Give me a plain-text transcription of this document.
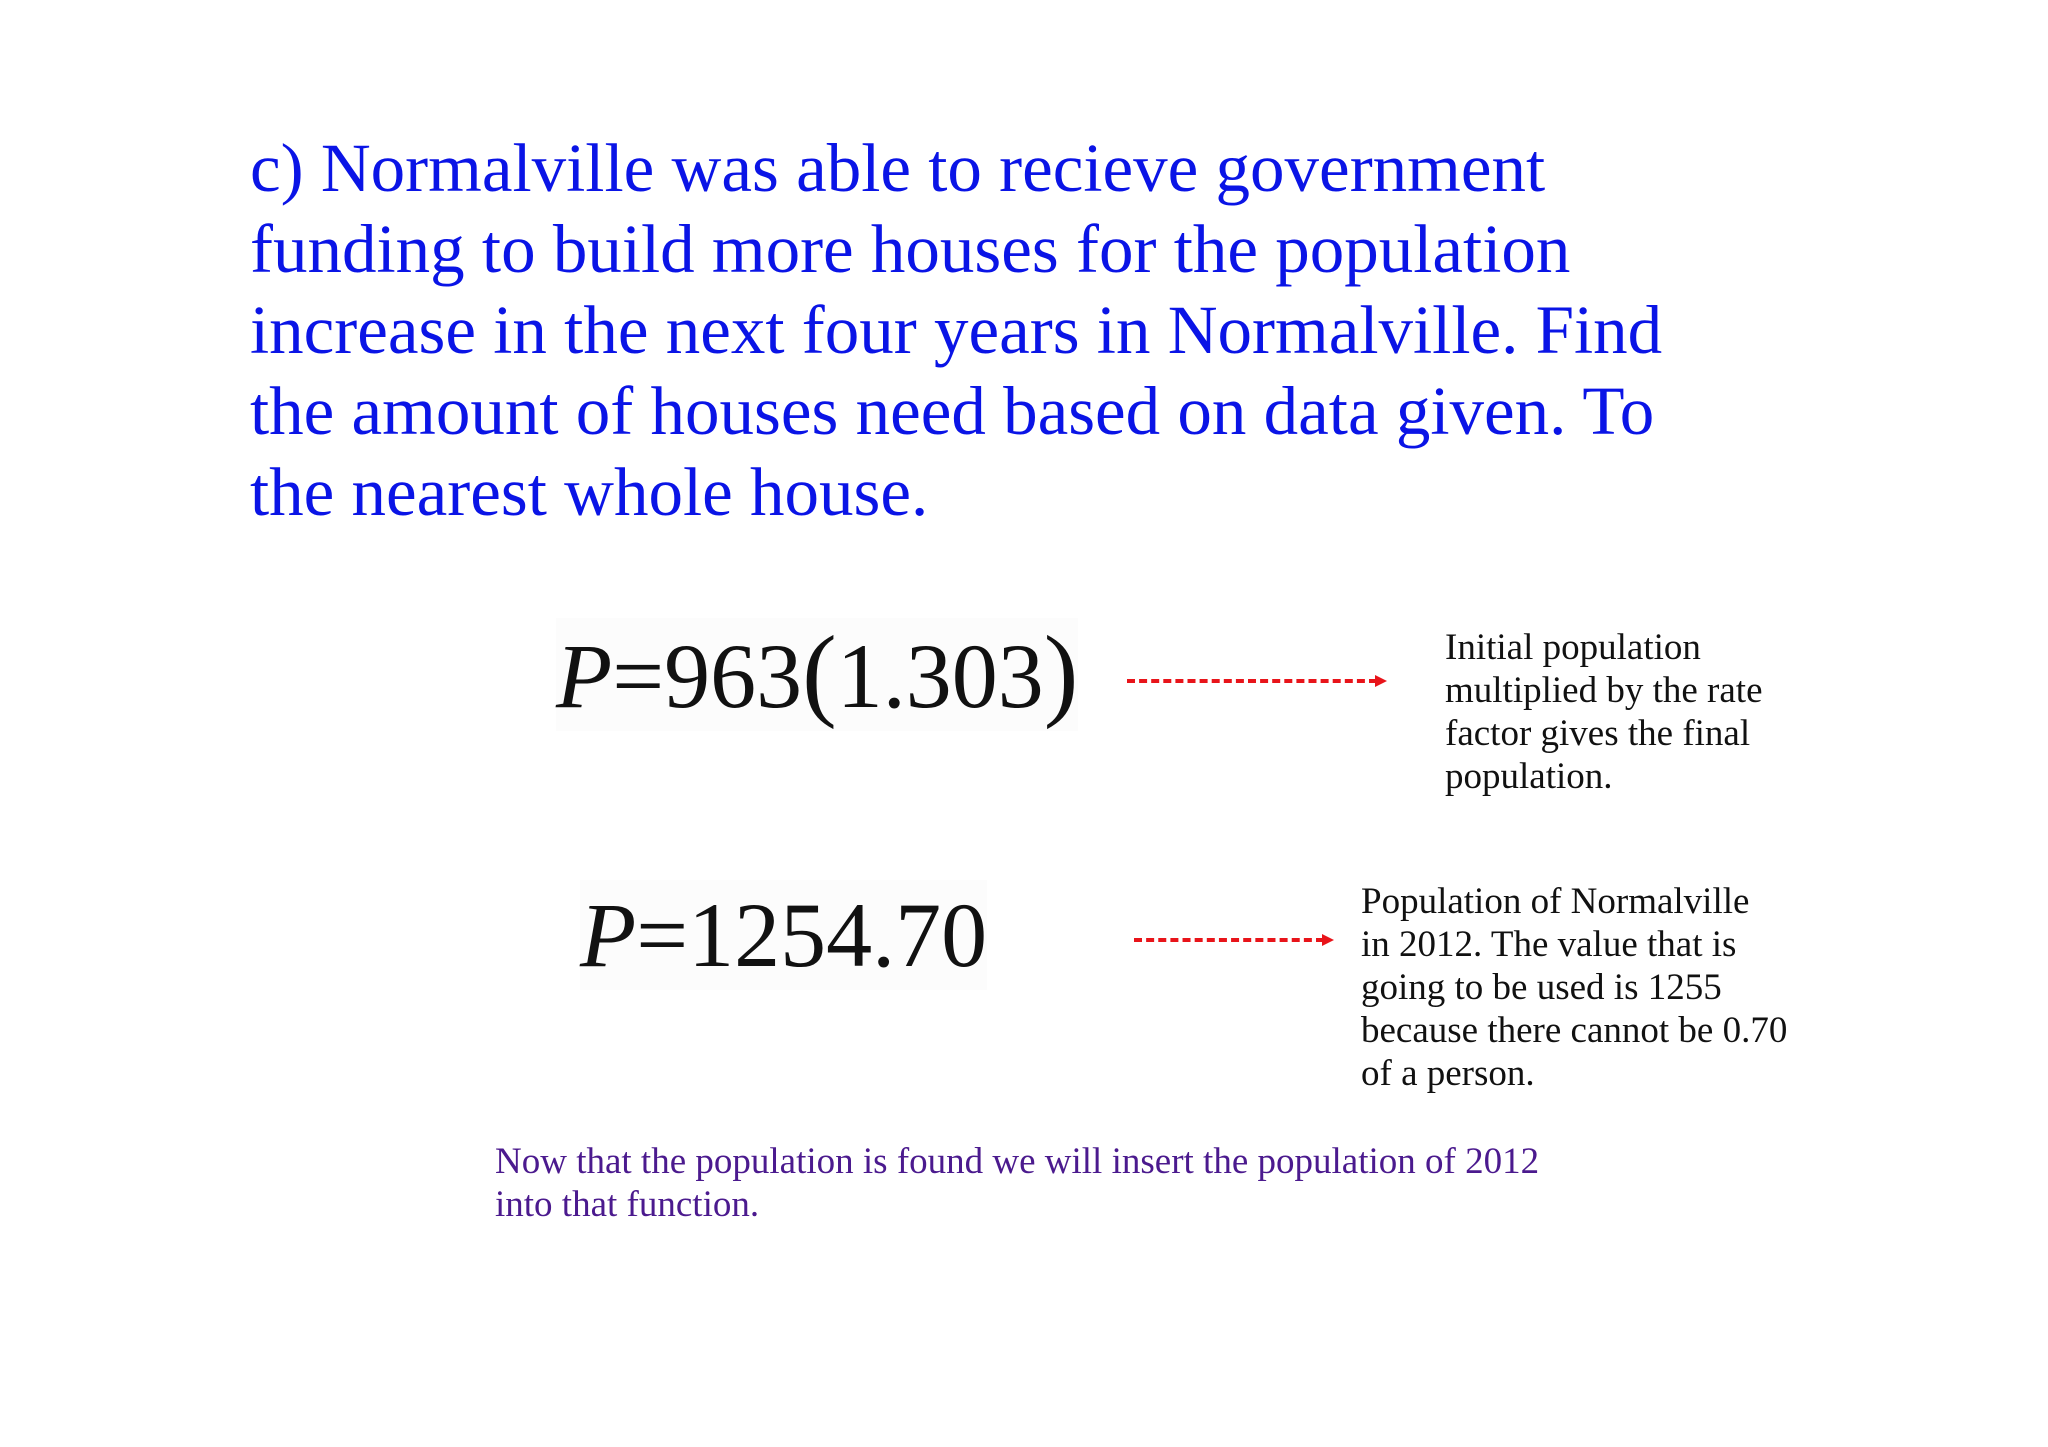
c) Normalville was able to recieve government
funding to build more houses for the population
increase in the next four years in Normalville. Find
the amount of houses need based on data given. To
the nearest whole house.
P=963(1.303)	Initial population
multiplied by the rate
factor gives the final
population.
P=1254.70	Population of Normalville
in 2012. The value that is
going to be used is 1255
because there cannot be 0.70
of a person.
Now that the population is found we will insert the population of 2012
into that function.
